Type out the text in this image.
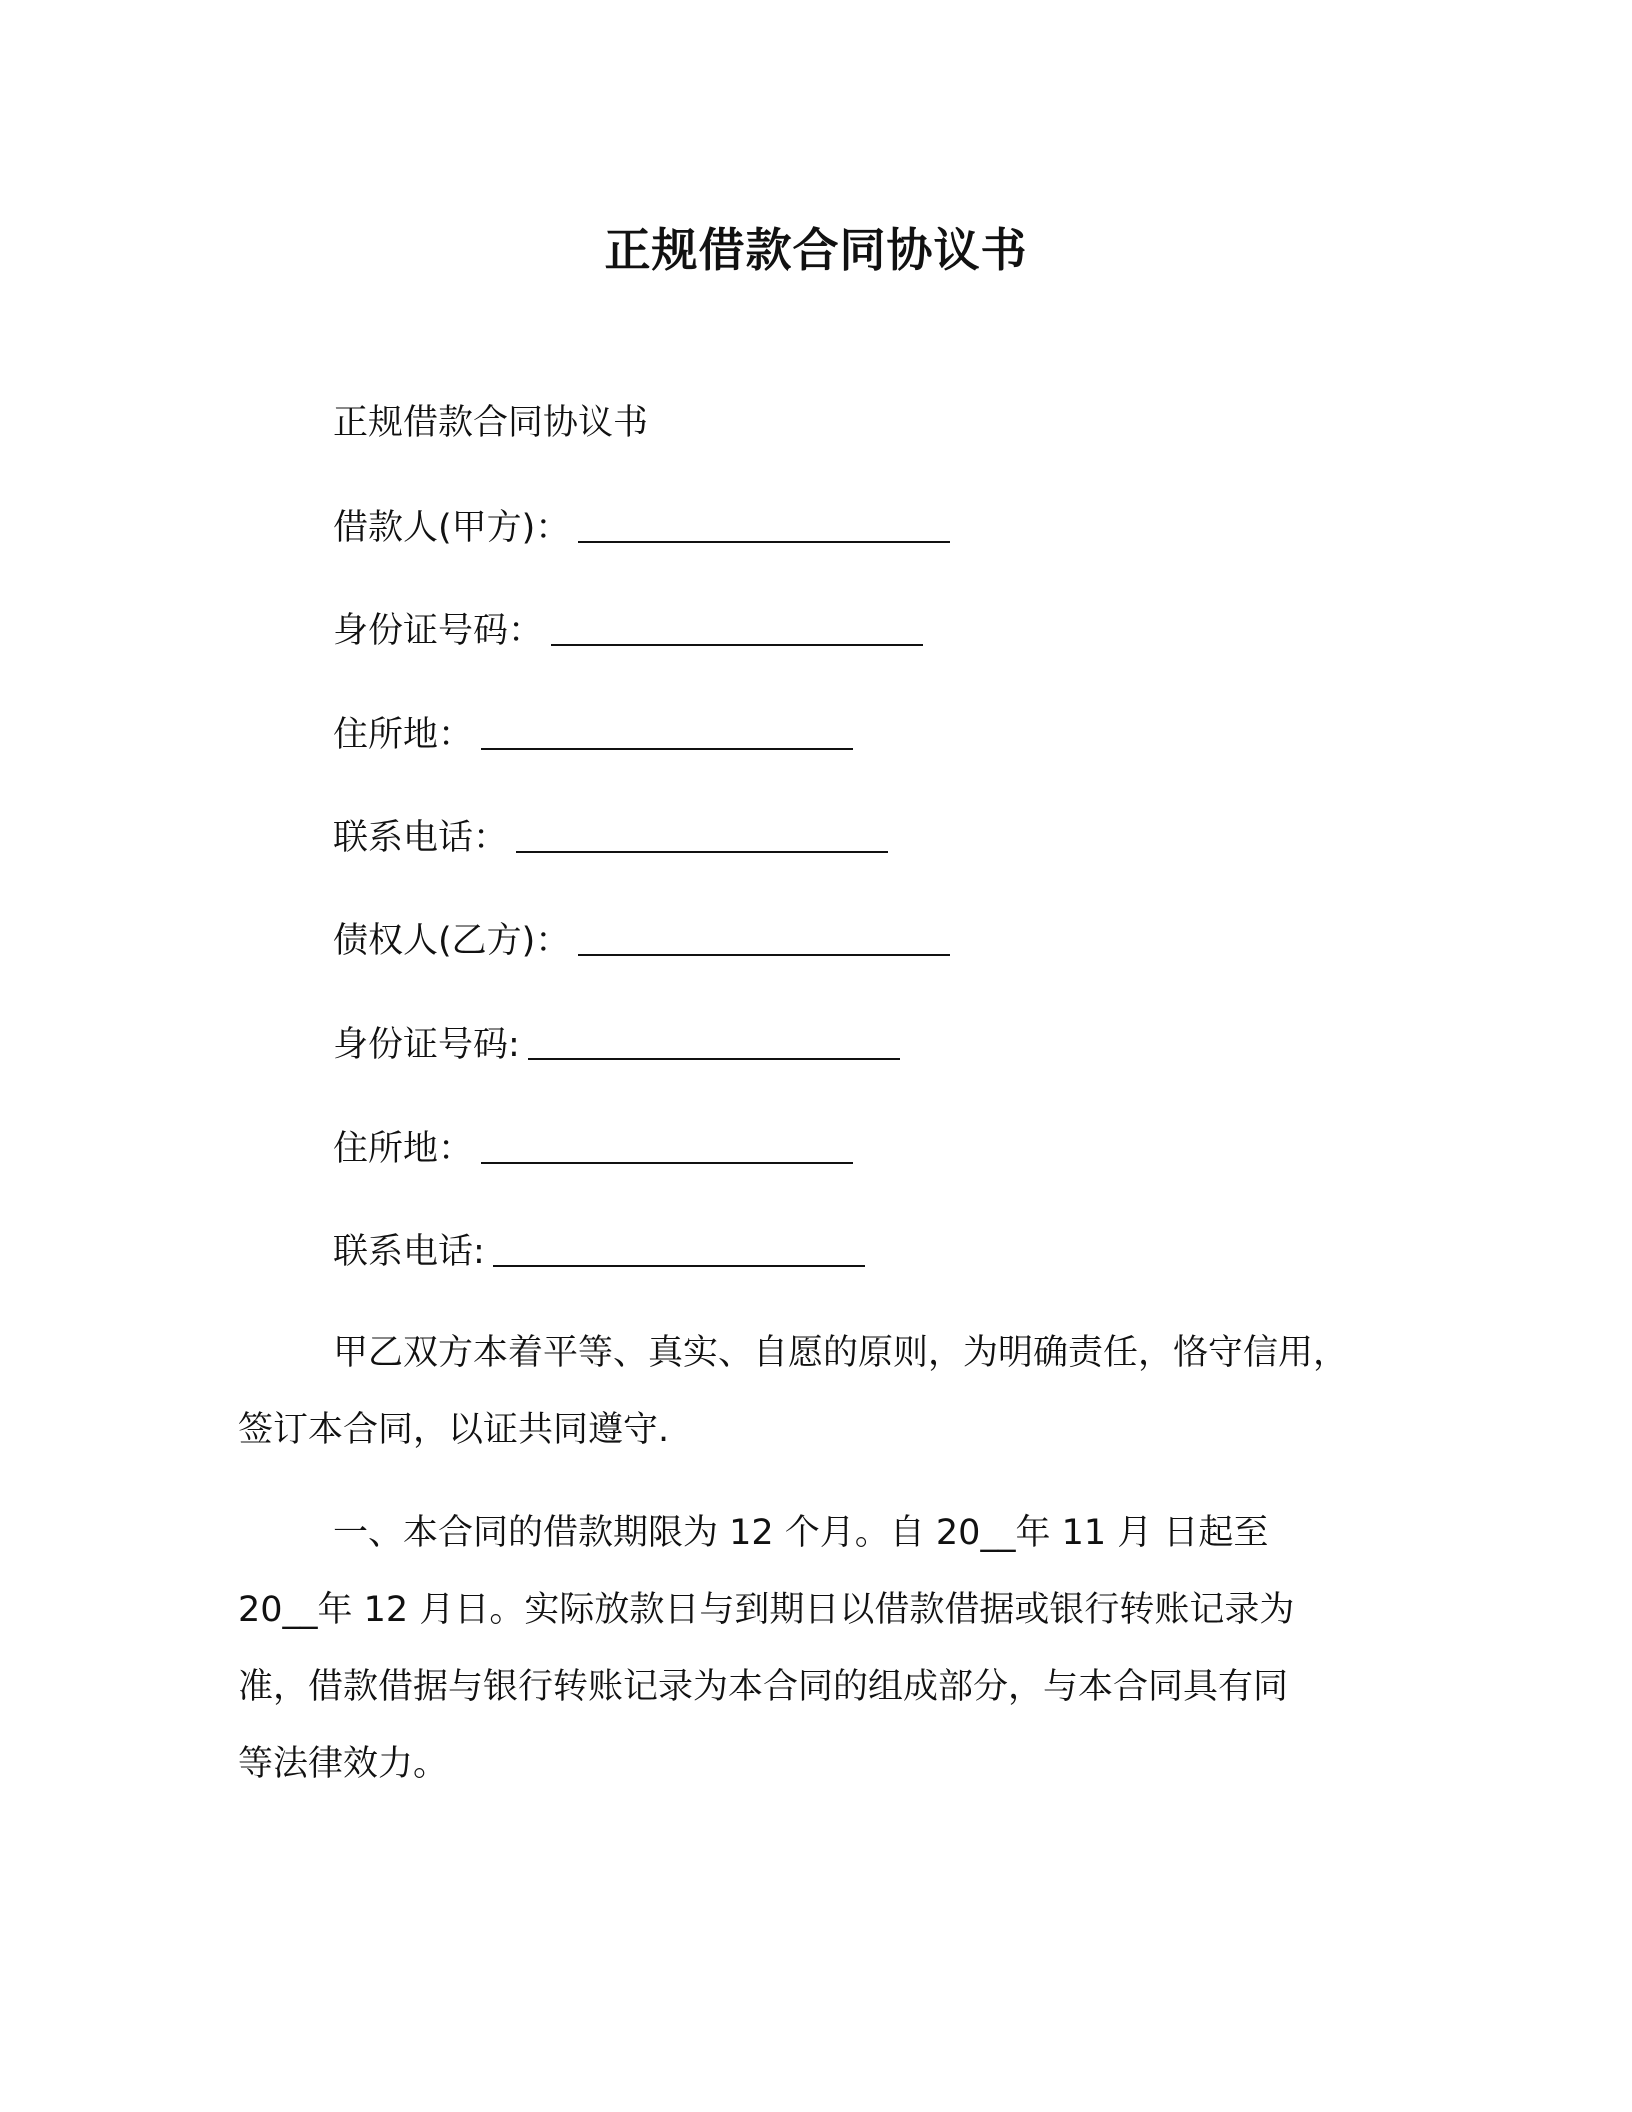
正规借款合同协议书
正规借款合同协议书
借款人(甲方)：
身份证号码：
住所地：
联系电话：
债权人(乙方)：
身份证号码:
住所地：
联系电话:
甲乙双方本着平等、真实、自愿的原则，为明确责任，恪守信用，
签订本合同，以证共同遵守.
一、本合同的借款期限为 12 个月。自 20__年 11 月 日起至
20__年 12 月日。实际放款日与到期日以借款借据或银行转账记录为
准，借款借据与银行转账记录为本合同的组成部分，与本合同具有同
等法律效力。
